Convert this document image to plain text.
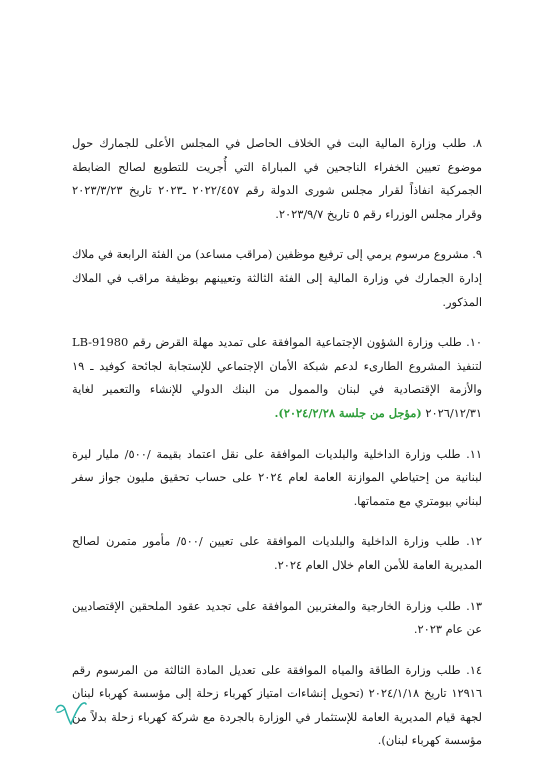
٨. طلب وزارة المالية البت في الخلاف الحاصل في المجلس الأعلى للجمارك حول موضوع تعيين الخفراء الناجحين في المباراة التي أُجريت للتطويع لصالح الضابطة الجمركية انفاذاً لقرار مجلس شورى الدولة رقم ٢٠٢٢/٤٥٧ ـ٢٠٢٣ تاريخ ٢٠٢٣/٣/٢٣ وقرار مجلس الوزراء رقم ٥ تاريخ ٢٠٢٣/٩/٧.

٩. مشروع مرسوم يرمي إلى ترفيع موظفين (مراقب مساعد) من الفئة الرابعة في ملاك إدارة الجمارك في وزارة المالية إلى الفئة الثالثة وتعيينهم بوظيفة مراقب في الملاك المذكور.

١٠. طلب وزارة الشؤون الإجتماعية الموافقة على تمديد مهلة القرض رقم LB-91980 لتنفيذ المشروع الطارىء لدعم شبكة الأمان الإجتماعي للإستجابة لجائحة كوفيد ـ ١٩ والأزمة الإقتصادية في لبنان والممول من البنك الدولي للإنشاء والتعمير لغاية ٢٠٢٦/١٢/٣١ (مؤجل من جلسة ٢٠٢٤/٢/٢٨).

١١. طلب وزارة الداخلية والبلديات الموافقة على نقل اعتماد بقيمة /٥٠٠/ مليار ليرة لبنانية من إحتياطي الموازنة العامة لعام ٢٠٢٤ على حساب تحقيق مليون جواز سفر لبناني بيومتري مع متمماتها.

١٢. طلب وزارة الداخلية والبلديات الموافقة على تعيين /٥٠٠/ مأمور متمرن لصالح المديرية العامة للأمن العام خلال العام ٢٠٢٤.

١٣. طلب وزارة الخارجية والمغتربين الموافقة على تجديد عقود الملحقين الإقتصاديين عن عام ٢٠٢٣.

١٤. طلب وزارة الطاقة والمياه الموافقة على تعديل المادة الثالثة من المرسوم رقم ١٢٩١٦ تاريخ ٢٠٢٤/١/١٨ (تحويل إنشاءات امتياز كهرباء زحلة إلى مؤسسة كهرباء لبنان لجهة قيام المديرية العامة للإستثمار في الوزارة بالجردة مع شركة كهرباء زحلة بدلاً من مؤسسة كهرباء لبنان).
